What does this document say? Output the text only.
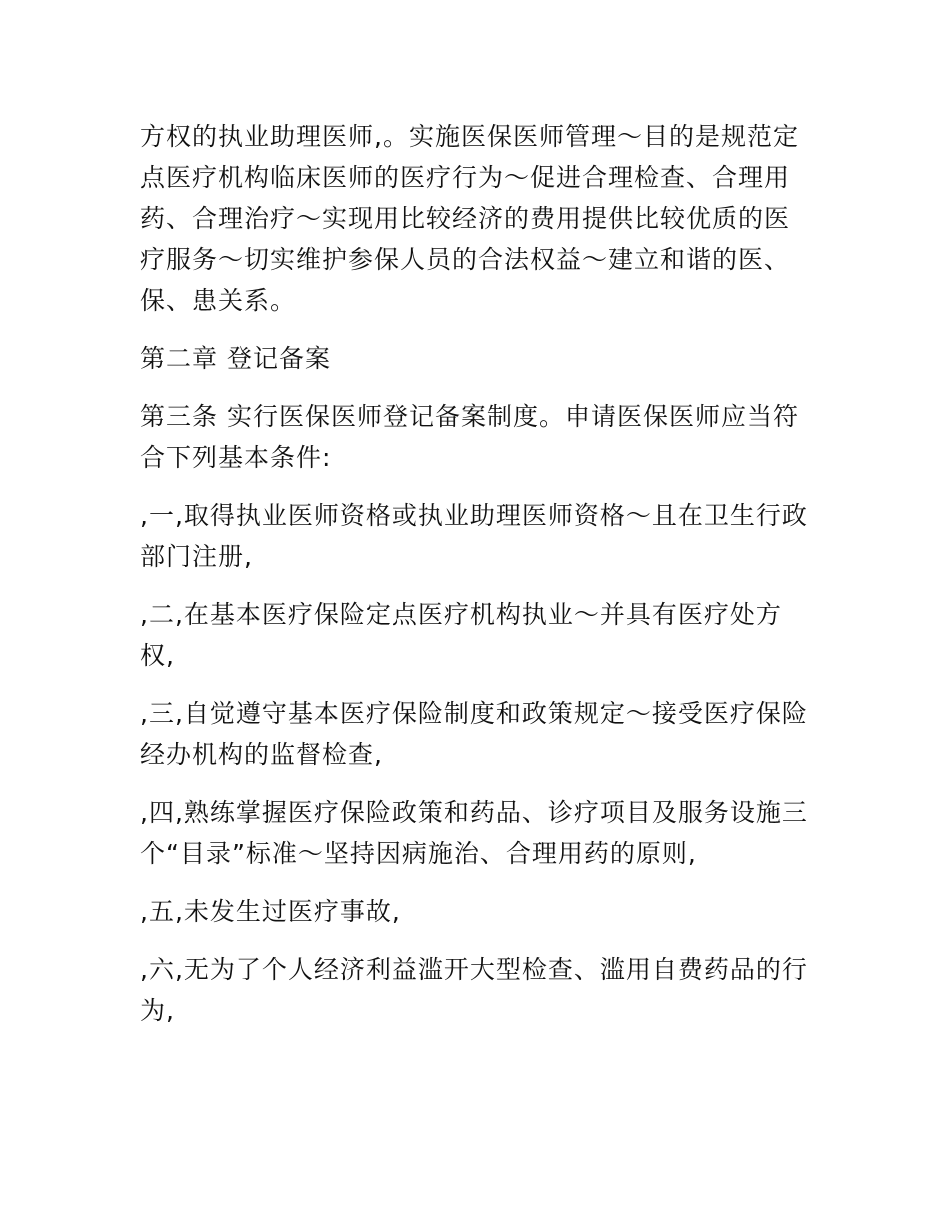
方权的执业助理医师,。实施医保医师管理～目的是规范定点医疗机构临床医师的医疗行为～促进合理检查、合理用药、合理治疗～实现用比较经济的费用提供比较优质的医疗服务～切实维护参保人员的合法权益～建立和谐的医、保、患关系。

第二章 登记备案

第三条 实行医保医师登记备案制度。申请医保医师应当符合下列基本条件:

,一,取得执业医师资格或执业助理医师资格～且在卫生行政部门注册,

,二,在基本医疗保险定点医疗机构执业～并具有医疗处方权,

,三,自觉遵守基本医疗保险制度和政策规定～接受医疗保险经办机构的监督检查,

,四,熟练掌握医疗保险政策和药品、诊疗项目及服务设施三个“目录”标准～坚持因病施治、合理用药的原则,

,五,未发生过医疗事故,

,六,无为了个人经济利益滥开大型检查、滥用自费药品的行为,
